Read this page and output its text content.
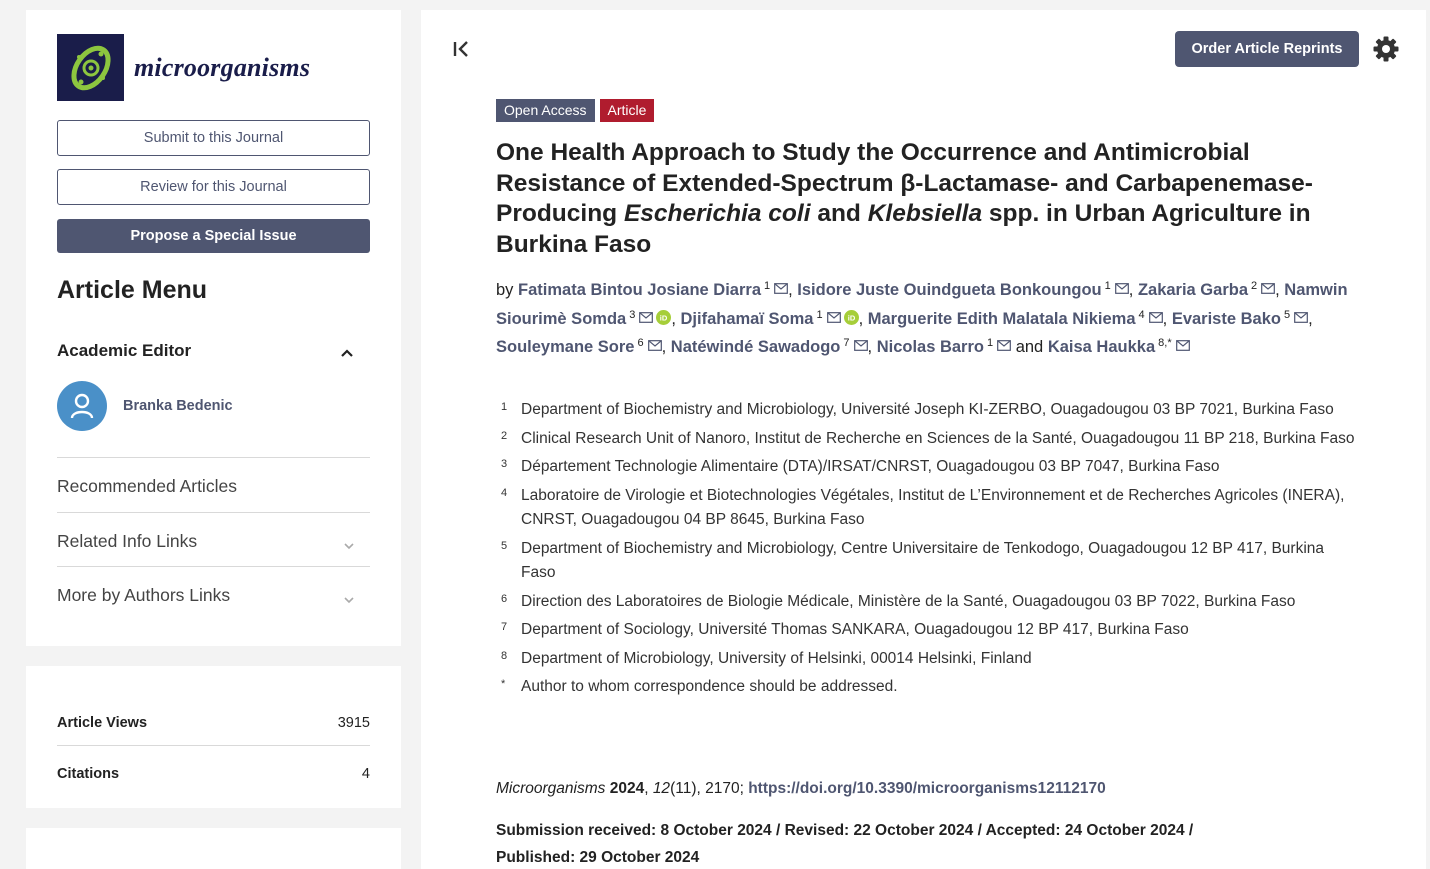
microorganisms
Submit to this Journal
Review for this Journal
Propose a Special Issue
Article Menu
Academic Editor
Branka Bedenic
Recommended Articles
Related Info Links
More by Authors Links
Article Views	3915
Citations	4
Order Article Reprints
Open Access	Article
One Health Approach to Study the Occurrence and Antimicrobial Resistance of Extended-Spectrum β-Lactamase- and Carbapenemase-Producing Escherichia coli and Klebsiella spp. in Urban Agriculture in Burkina Faso
by Fatimata Bintou Josiane Diarra $^1$ , Isidore Juste Ouindgueta Bonkoungou $^1$ , Zakaria Garba $^2$ , Namwin Siourimè Somda $^3$	iD , Djifahamaï Soma $^1$	iD , Marguerite Edith Malatala Nikiema $^4$ , Evariste Bako $^5$ , Souleymane Sore $^6$ , Natéwindé Sawadogo $^7$ , Nicolas Barro $^1$ and Kaisa Haukka $^{8,*}$
1 Department of Biochemistry and Microbiology, Université Joseph KI-ZERBO, Ouagadougou 03 BP 7021, Burkina Faso
2 Clinical Research Unit of Nanoro, Institut de Recherche en Sciences de la Santé, Ouagadougou 11 BP 218, Burkina Faso
3 Département Technologie Alimentaire (DTA)/IRSAT/CNRST, Ouagadougou 03 BP 7047, Burkina Faso
4 Laboratoire de Virologie et Biotechnologies Végétales, Institut de L’Environnement et de Recherches Agricoles (INERA), CNRST, Ouagadougou 04 BP 8645, Burkina Faso
5 Department of Biochemistry and Microbiology, Centre Universitaire de Tenkodogo, Ouagadougou 12 BP 417, Burkina Faso
6 Direction des Laboratoires de Biologie Médicale, Ministère de la Santé, Ouagadougou 03 BP 7022, Burkina Faso
7 Department of Sociology, Université Thomas SANKARA, Ouagadougou 12 BP 417, Burkina Faso
8 Department of Microbiology, University of Helsinki, 00014 Helsinki, Finland
*	Author to whom correspondence should be addressed.
Microorganisms 2024, 12(11), 2170; https://doi.org/10.3390/microorganisms12112170
Submission received: 8 October 2024 / Revised: 22 October 2024 / Accepted: 24 October 2024 / Published: 29 October 2024
